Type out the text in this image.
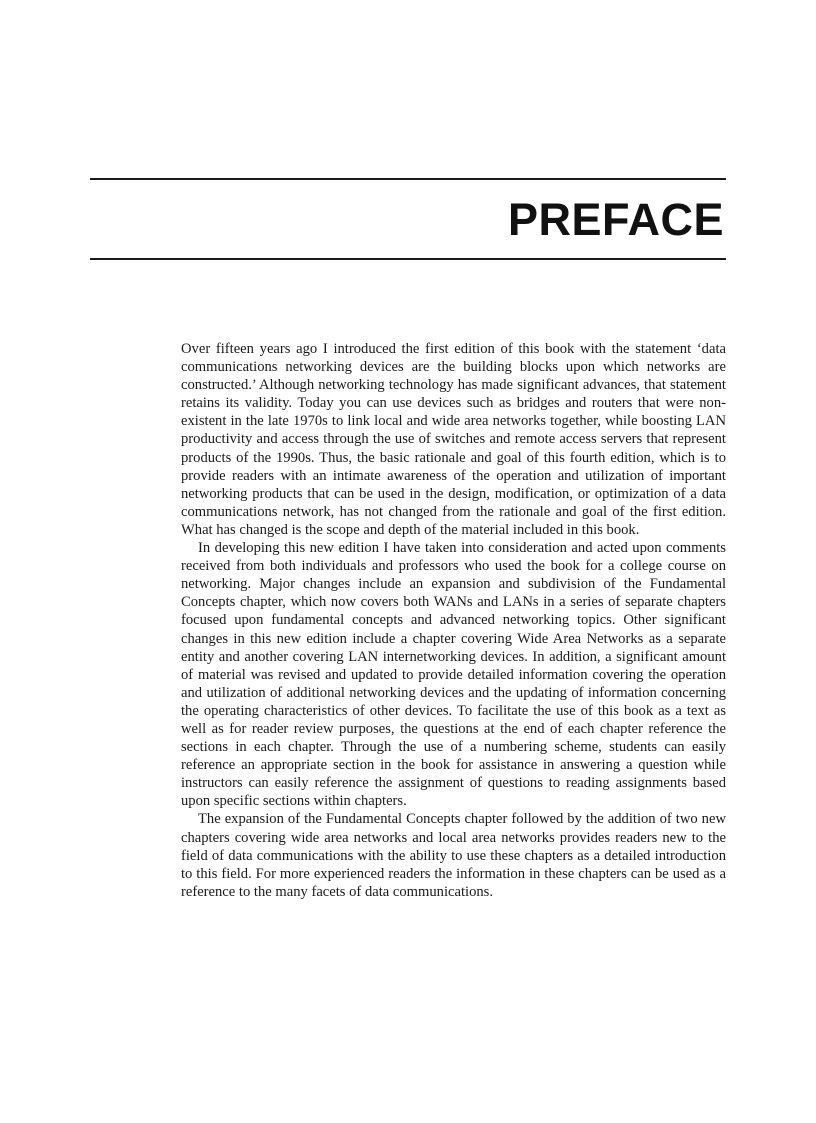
PREFACE

Over fifteen years ago I introduced the first edition of this book with the statement ‘data communications networking devices are the building blocks upon which networks are constructed.’ Although networking technology has made significant advances, that statement retains its validity. Today you can use devices such as bridges and routers that were non-existent in the late 1970s to link local and wide area networks together, while boosting LAN productivity and access through the use of switches and remote access servers that represent products of the 1990s. Thus, the basic rationale and goal of this fourth edition, which is to provide readers with an intimate awareness of the operation and utilization of important networking products that can be used in the design, modification, or optimization of a data communications network, has not changed from the rationale and goal of the first edition. What has changed is the scope and depth of the material included in this book.

In developing this new edition I have taken into consideration and acted upon comments received from both individuals and professors who used the book for a college course on networking. Major changes include an expansion and subdivision of the Fundamental Concepts chapter, which now covers both WANs and LANs in a series of separate chapters focused upon fundamental concepts and advanced networking topics. Other significant changes in this new edition include a chapter covering Wide Area Networks as a separate entity and another covering LAN internetworking devices. In addition, a significant amount of material was revised and updated to provide detailed information covering the operation and utilization of additional networking devices and the updating of information concerning the operating characteristics of other devices. To facilitate the use of this book as a text as well as for reader review purposes, the questions at the end of each chapter reference the sections in each chapter. Through the use of a numbering scheme, students can easily reference an appropriate section in the book for assistance in answering a question while instructors can easily reference the assignment of questions to reading assignments based upon specific sections within chapters.

The expansion of the Fundamental Concepts chapter followed by the addition of two new chapters covering wide area networks and local area networks provides readers new to the field of data communications with the ability to use these chapters as a detailed introduction to this field. For more experienced readers the information in these chapters can be used as a reference to the many facets of data communications.
